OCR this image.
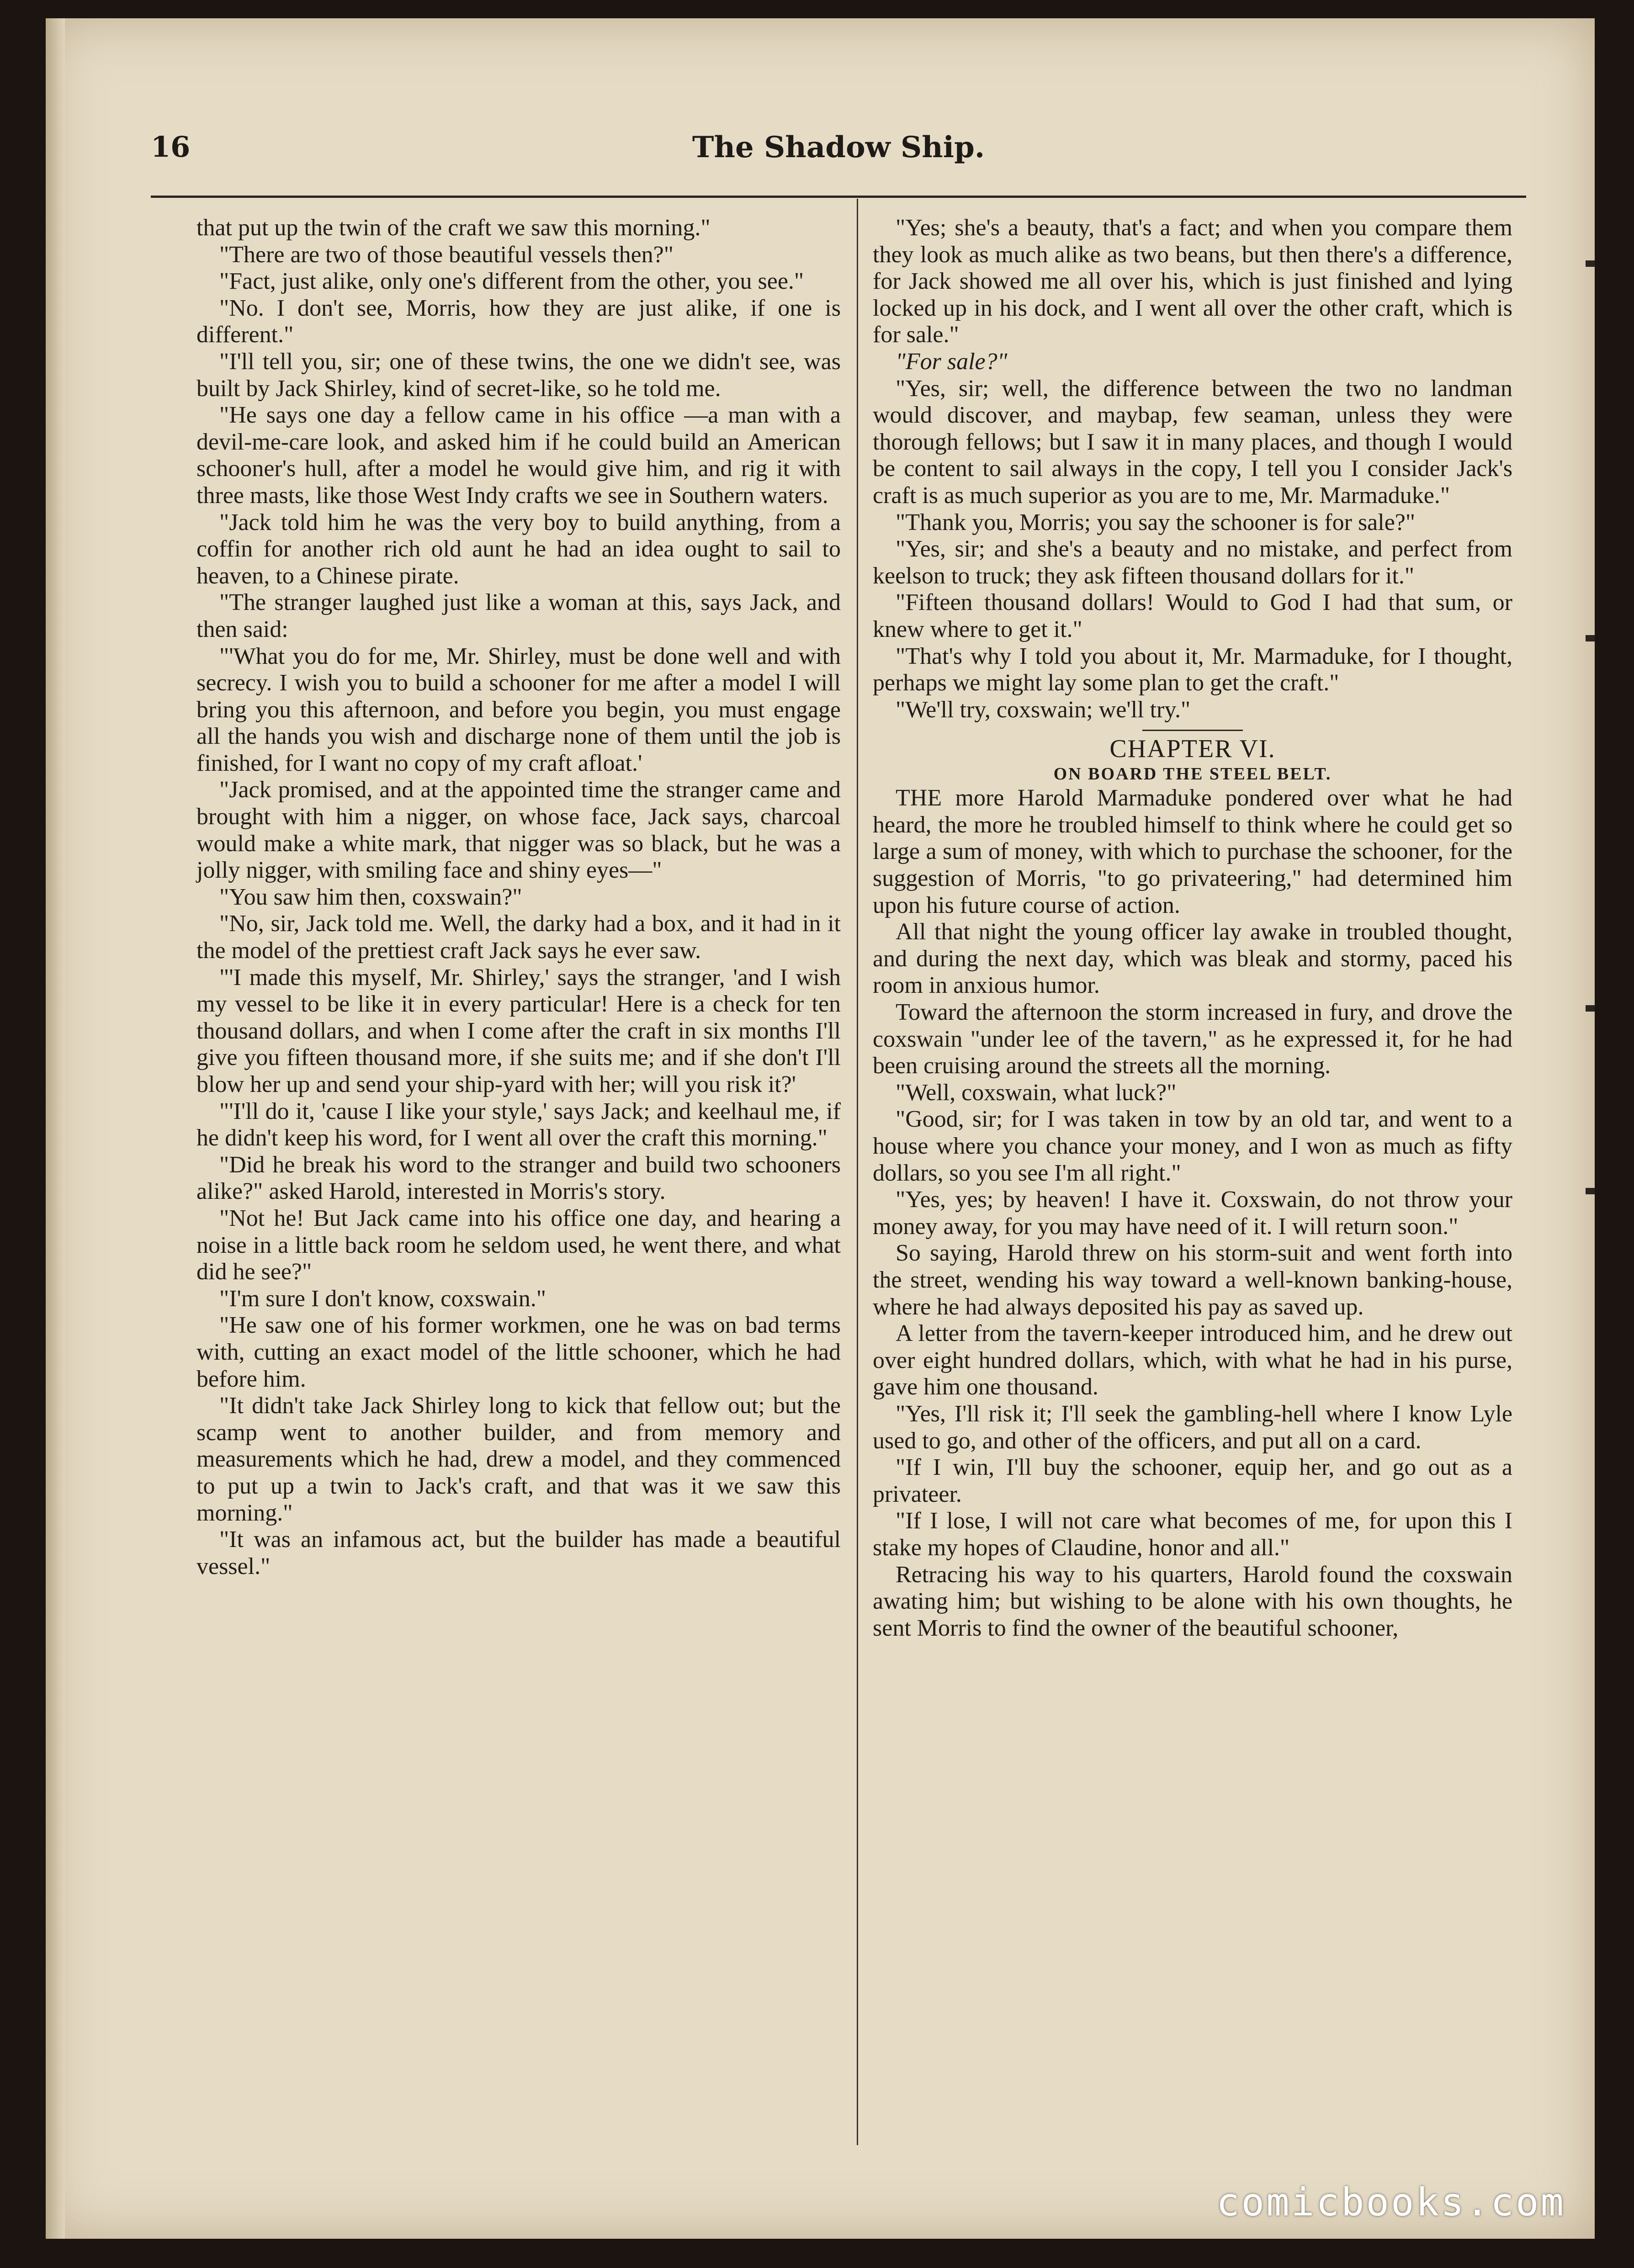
16	The Shadow Ship.

that put up the twin of the craft we saw this morning."

"There are two of those beautiful vessels then?"

"Fact, just alike, only one's different from the other, you see."

"No. I don't see, Morris, how they are just alike, if one is different."

"I'll tell you, sir; one of these twins, the one we didn't see, was built by Jack Shirley, kind of secret-like, so he told me.

"He says one day a fellow came in his office —a man with a devil-me-care look, and asked him if he could build an American schooner's hull, after a model he would give him, and rig it with three masts, like those West Indy crafts we see in Southern waters.

"Jack told him he was the very boy to build anything, from a coffin for another rich old aunt he had an idea ought to sail to heaven, to a Chinese pirate.

"The stranger laughed just like a woman at this, says Jack, and then said:

"'What you do for me, Mr. Shirley, must be done well and with secrecy. I wish you to build a schooner for me after a model I will bring you this afternoon, and before you begin, you must engage all the hands you wish and discharge none of them until the job is finished, for I want no copy of my craft afloat.'

"Jack promised, and at the appointed time the stranger came and brought with him a nigger, on whose face, Jack says, charcoal would make a white mark, that nigger was so black, but he was a jolly nigger, with smiling face and shiny eyes—"

"You saw him then, coxswain?"

"No, sir, Jack told me. Well, the darky had a box, and it had in it the model of the prettiest craft Jack says he ever saw.

"'I made this myself, Mr. Shirley,' says the stranger, 'and I wish my vessel to be like it in every particular! Here is a check for ten thousand dollars, and when I come after the craft in six months I'll give you fifteen thousand more, if she suits me; and if she don't I'll blow her up and send your ship-yard with her; will you risk it?'

"'I'll do it, 'cause I like your style,' says Jack; and keelhaul me, if he didn't keep his word, for I went all over the craft this morning."

"Did he break his word to the stranger and build two schooners alike?" asked Harold, interested in Morris's story.

"Not he! But Jack came into his office one day, and hearing a noise in a little back room he seldom used, he went there, and what did he see?"

"I'm sure I don't know, coxswain."

"He saw one of his former workmen, one he was on bad terms with, cutting an exact model of the little schooner, which he had before him.

"It didn't take Jack Shirley long to kick that fellow out; but the scamp went to another builder, and from memory and measurements which he had, drew a model, and they commenced to put up a twin to Jack's craft, and that was it we saw this morning."

"It was an infamous act, but the builder has made a beautiful vessel."

"Yes; she's a beauty, that's a fact; and when you compare them they look as much alike as two beans, but then there's a difference, for Jack showed me all over his, which is just finished and lying locked up in his dock, and I went all over the other craft, which is for sale."

"For sale?"

"Yes, sir; well, the difference between the two no landman would discover, and maybap, few seaman, unless they were thorough fellows; but I saw it in many places, and though I would be content to sail always in the copy, I tell you I consider Jack's craft is as much superior as you are to me, Mr. Marmaduke."

"Thank you, Morris; you say the schooner is for sale?"

"Yes, sir; and she's a beauty and no mistake, and perfect from keelson to truck; they ask fifteen thousand dollars for it."

"Fifteen thousand dollars! Would to God I had that sum, or knew where to get it."

"That's why I told you about it, Mr. Marmaduke, for I thought, perhaps we might lay some plan to get the craft."

"We'll try, coxswain; we'll try."

CHAPTER VI.
ON BOARD THE STEEL BELT.

THE more Harold Marmaduke pondered over what he had heard, the more he troubled himself to think where he could get so large a sum of money, with which to purchase the schooner, for the suggestion of Morris, "to go privateering," had determined him upon his future course of action.

All that night the young officer lay awake in troubled thought, and during the next day, which was bleak and stormy, paced his room in anxious humor.

Toward the afternoon the storm increased in fury, and drove the coxswain "under lee of the tavern," as he expressed it, for he had been cruising around the streets all the morning.

"Well, coxswain, what luck?"

"Good, sir; for I was taken in tow by an old tar, and went to a house where you chance your money, and I won as much as fifty dollars, so you see I'm all right."

"Yes, yes; by heaven! I have it. Coxswain, do not throw your money away, for you may have need of it. I will return soon."

So saying, Harold threw on his storm-suit and went forth into the street, wending his way toward a well-known banking-house, where he had always deposited his pay as saved up.

A letter from the tavern-keeper introduced him, and he drew out over eight hundred dollars, which, with what he had in his purse, gave him one thousand.

"Yes, I'll risk it; I'll seek the gambling-hell where I know Lyle used to go, and other of the officers, and put all on a card.

"If I win, I'll buy the schooner, equip her, and go out as a privateer.

"If I lose, I will not care what becomes of me, for upon this I stake my hopes of Claudine, honor and all."

Retracing his way to his quarters, Harold found the coxswain awating him; but wishing to be alone with his own thoughts, he sent Morris to find the owner of the beautiful schooner,

comicbooks.com
